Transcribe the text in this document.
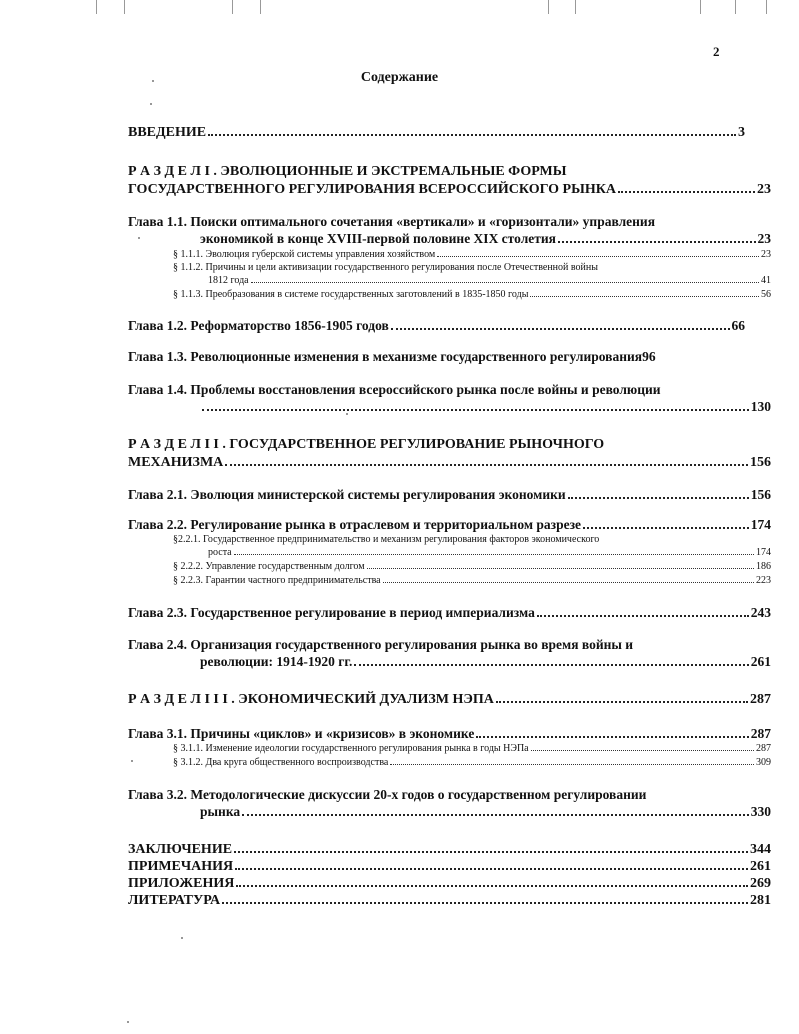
2
Содержание
ВВЕДЕНИЕ	3
Р А З Д Е Л I . ЭВОЛЮЦИОННЫЕ И ЭКСТРЕМАЛЬНЫЕ ФОРМЫ
ГОСУДАРСТВЕННОГО РЕГУЛИРОВАНИЯ ВСЕРОССИЙСКОГО РЫНКА	23
Глава 1.1. Поиски оптимального сочетания «вертикали» и «горизонтали» управления
экономикой в конце XVIII-первой половине XIX столетия	23
§ 1.1.1. Эволюция губерской системы управления хозяйством	23
§ 1.1.2. Причины и цели активизации государственного регулирования после Отечественной войны
1812 года	41
§ 1.1.3. Преобразования в системе государственных заготовлений в 1835-1850 годы	56
Глава 1.2. Реформаторство 1856-1905 годов	66
Глава 1.3. Революционные изменения в механизме государственного регулирования96
Глава 1.4. Проблемы восстановления всероссийского рынка после войны и революции
130
Р А З Д Е Л I I . ГОСУДАРСТВЕННОЕ РЕГУЛИРОВАНИЕ РЫНОЧНОГО
МЕХАНИЗМА	156
Глава 2.1. Эволюция министерской системы регулирования экономики	156
Глава 2.2. Регулирование рынка в отраслевом и территориальном разрезе	174
§2.2.1. Государственное предпринимательство и механизм регулирования факторов экономического
роста	174
§ 2.2.2. Управление государственным долгом	186
§ 2.2.3. Гарантии частного предпринимательства	223
Глава 2.3. Государственное регулирование в период империализма	243
Глава 2.4. Организация государственного регулирования рынка во время войны и
революции: 1914-1920 гг.	261
Р А З Д Е Л I I I . ЭКОНОМИЧЕСКИЙ ДУАЛИЗМ НЭПА	287
Глава 3.1. Причины «циклов» и «кризисов» в экономике	287
§ 3.1.1. Изменение идеологии государственного регулирования рынка в годы НЭПа	287
§ 3.1.2. Два круга общественного воспроизводства	309
Глава 3.2. Методологические дискуссии 20-х годов о государственном регулировании
рынка	330
ЗАКЛЮЧЕНИЕ	344
ПРИМЕЧАНИЯ	261
ПРИЛОЖЕНИЯ	269
ЛИТЕРАТУРА	281
